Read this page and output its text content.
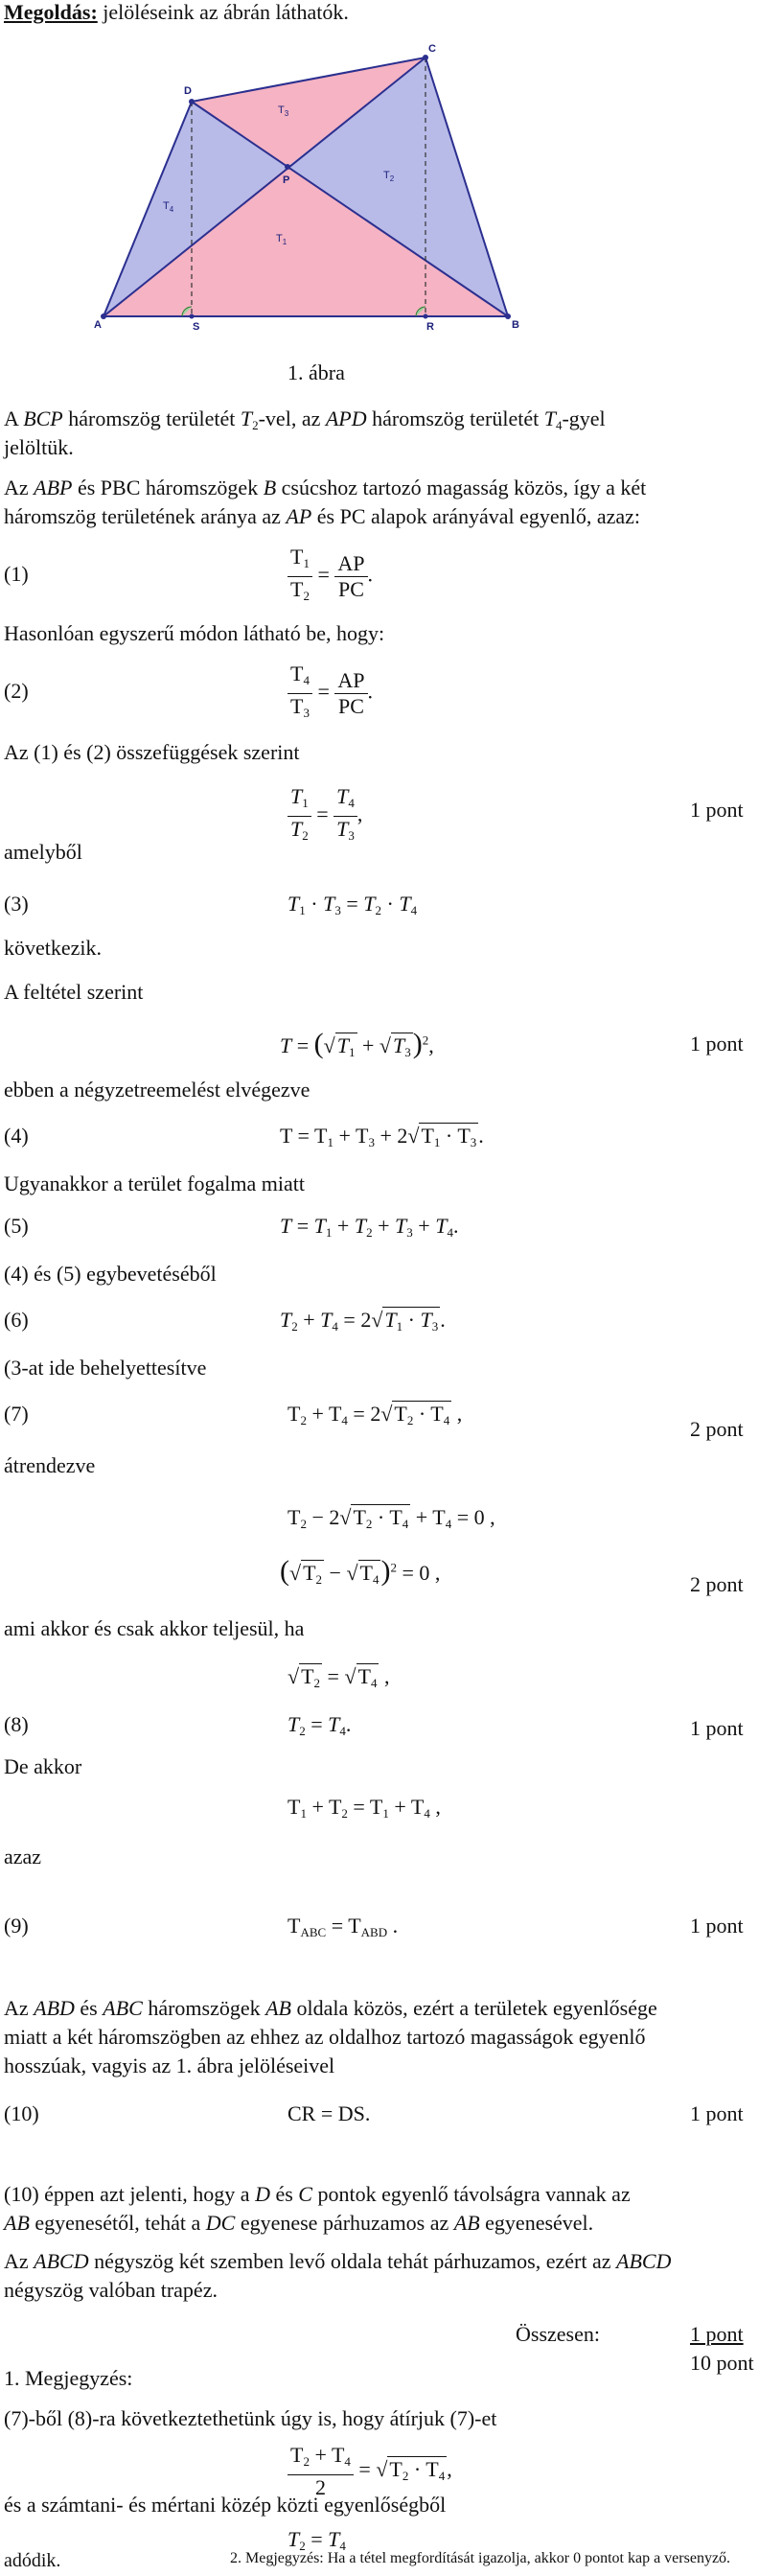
Megoldás: jelöléseink az ábrán láthatók.
A	B
C
D
P
S	R
$T_3$
$T_1$
$T_2$
$T_4$
1. ábra
A BCP háromszög területét $T_2$-vel, az APD háromszög területét $T_4$-gyel
jelöltük.
Az ABP és PBC háromszögek B csúcshoz tartozó magasság közös, így a két
háromszög területének aránya az AP és PC alapok arányával egyenlő, azaz:
(1)	$\frac{T_1}{T_2} = \frac{AP}{PC}$ .
Hasonlóan egyszerű módon látható be, hogy:
(2)	$\frac{T_4}{T_3} = \frac{AP}{PC}$ .
Az (1) és (2) összefüggések szerint
$\frac{T_1}{T_2} = \frac{T_4}{T_3}$ ,	1 pont
amelyből
(3)	$T_1 \cdot T_3 = T_2 \cdot T_4$
következik.
A feltétel szerint
$T = (√T_1 + √T_3)^2$,	1 pont
ebben a négyzetreemelést elvégezve
(4)	$T = T_1 + T_3 + 2√T_1 \cdot T_3$.
Ugyanakkor a terület fogalma miatt
(5)	$T = T_1 + T_2 + T_3 + T_4$.
(4) és (5) egybevetéséből
(6)	$T_2 + T_4 = 2√T_1 \cdot T_3$.
(3-at ide behelyettesítve
(7)	$T_2 + T_4 = 2√T_2 \cdot T_4$ ,
2 pont
átrendezve
$T_2 - 2√T_2 \cdot T_4 + T_4 = 0$ ,
$(√T_2 - √T_4)^2 = 0$ ,	2 pont
ami akkor és csak akkor teljesül, ha
$√T_2 = √T_4$ ,
(8)	$T_2 = T_4$.	1 pont
De akkor
$T_1 + T_2 = T_1 + T_4$ ,
azaz
(9)	$T_{ABC} = T_{ABD}$ .	1 pont
Az ABD és ABC háromszögek AB oldala közös, ezért a területek egyenlősége
miatt a két háromszögben az ehhez az oldalhoz tartozó magasságok egyenlő
hosszúak, vagyis az 1. ábra jelöléseivel
(10)	CR = DS.	1 pont
(10) éppen azt jelenti, hogy a D és C pontok egyenlő távolságra vannak az
AB egyenesétől, tehát a DC egyenese párhuzamos az AB egyenesével.
Az ABCD négyszög két szemben levő oldala tehát párhuzamos, ezért az ABCD
négyszög valóban trapéz.
Összesen:	1 pont
10 pont
1. Megjegyzés:
(7)-ből (8)-ra következtethetünk úgy is, hogy átírjuk (7)-et
$\frac{T_2 + T_4}{2} = √T_2 \cdot T_4$,
és a számtani- és mértani közép közti egyenlőségből
$T_2 = T_4$
adódik.	2. Megjegyzés: Ha a tétel megfordítását igazolja, akkor 0 pontot kap a versenyző.
